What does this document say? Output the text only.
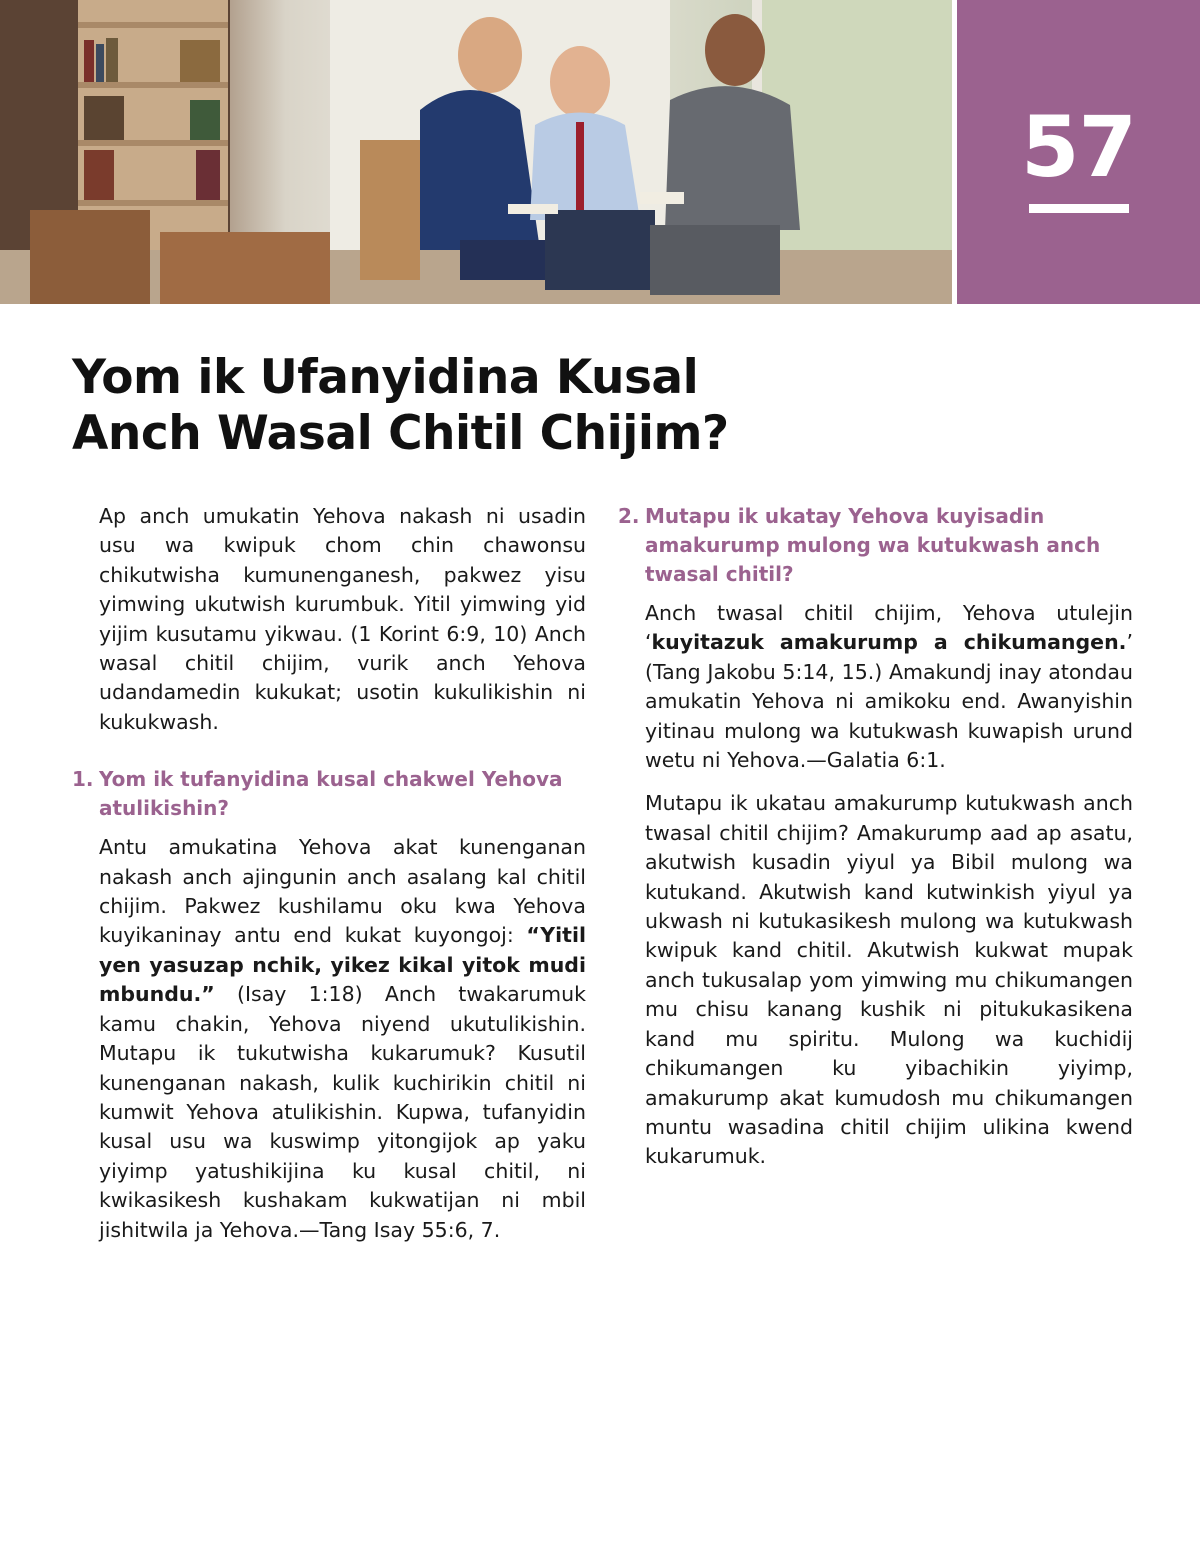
57
Yom ik Ufanyidina Kusal
Anch Wasal Chitil Chijim?

Ap anch umukatin Yehova nakash ni usadin usu wa kwipuk chom chin chawonsu chikutwisha kumunenganesh, pakwez yisu yimwing ukutwish kurumbuk. Yitil yimwing yid yijim kusutamu yikwau. (1 Korint 6:9, 10) Anch wasal chitil chijim, vurik anch Yehova udandamedin kukukat; usotin kukulikishin ni kukukwash.

1. Yom ik tufanyidina kusal chakwel Yehova atulikishin?

Antu amukatina Yehova akat kunenganan nakash anch ajingunin anch asalang kal chitil chijim. Pakwez kushilamu oku kwa Yehova kuyikaninay antu end kukat kuyongoj: “Yitil yen yasuzap nchik, yikez kikal yitok mudi mbundu.” (Isay 1:18) Anch twakarumuk kamu chakin, Yehova niyend ukutulikishin. Mutapu ik tukutwisha kukarumuk? Kusutil kunenganan nakash, kulik kuchirikin chitil ni kumwit Yehova atulikishin. Kupwa, tufanyidin kusal usu wa kuswimp yitongijok ap yaku yiyimp yatushikijina ku kusal chitil, ni kwikasikesh kushakam kukwatijan ni mbil jishitwila ja Yehova.—Tang Isay 55:6, 7.

2. Mutapu ik ukatay Yehova kuyisadin amakurump mulong wa kutukwash anch twasal chitil?

Anch twasal chitil chijim, Yehova utulejin ‘kuyitazuk amakurump a chikumangen.’ (Tang Jakobu 5:14, 15.) Amakundj inay atondau amukatin Yehova ni amikoku end. Awanyishin yitinau mulong wa kutukwash kuwapish urund wetu ni Yehova.—Galatia 6:1.

Mutapu ik ukatau amakurump kutukwash anch twasal chitil chijim? Amakurump aad ap asatu, akutwish kusadin yiyul ya Bibil mulong wa kutukand. Akutwish kand kutwinkish yiyul ya ukwash ni kutukasikesh mulong wa kutukwash kwipuk kand chitil. Akutwish kukwat mupak anch tukusalap yom yimwing mu chikumangen mu chisu kanang kushik ni pitukukasikena kand mu spiritu. Mulong wa kuchidij chikumangen ku yibachikin yiyimp, amakurump akat kumudosh mu chikumangen muntu wasadina chitil chijim ulikina kwend kukarumuk.
